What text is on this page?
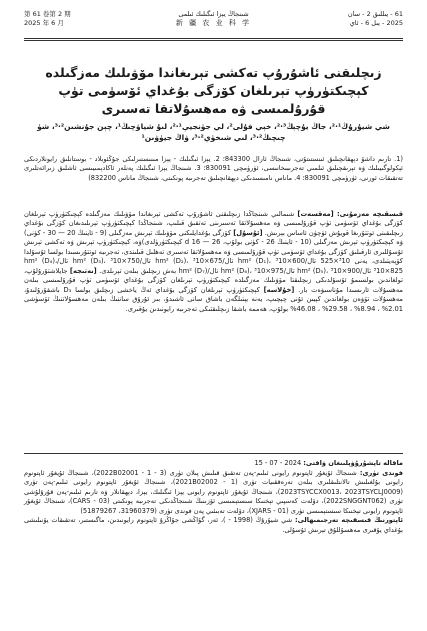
第 61 卷第 2 期
2025 年 6 月
شىنجاڭ يېزا ئىگىلىك ئىلمى
新 疆 农 业 科 学
61 - يىللىق 2 - سان
2025 - يىل 6 - ئاي
زىچلىقنى ئاشۇرۇپ تەكشى تېرىغاندا مۆۋىلىك مەزگىلدە كېچىكتۈرۈپ تېرىلغان كۆزگى بۇغداي ئۆسۈمى تۈپ قۇرۇلمىسى ۋە مەھسۇلاتقا تەسىرى
شي شيۇرۇڭ¹·²، جاڭ يۇچېڭ³·²، خېي فۇلى²، لي جۈنجيې¹·²، لىۇ شياۋچىڭ¹، چېن جۇنشىن²·³، شۈ چىچىڭ²·³، لىي شىخۈي²·³، ۋاڭ جيۈۋىن¹
(1. تارىم داشۆ دېھقانچىلىق ئىنستىتۇتى، شىنجاڭ ئارال 843300؛ 2. يېزا ئىگىلىك - يېزا مىنىستىرلىكى جۇڭئوبلاد - بوستانلىق رايونلاردىكى ئېكولوگىيىلىك ۋە تېرىقچىلىق ئىلمىي تەجرىبىخانىسى، ئۈرۈمچى 830091؛ 3. شىنجاڭ يېزا ئىگىلىك پەنلەر ئاكادېمىيىسى ئاشلىق زىرائەتلىرى تەتقىقات ئورنى، ئۈرۈمچى 830091؛ 4. ماناس نامىسىدىكى دېھقانچىلىق تەجرىبە پونكىتى، شىنجاڭ ماناس 832200)
قىسقىچە مەزمۇنى: [مەقسەت] شىمالىي شىنجاڭدا زىچلىقنى ئاشۇرۇپ تەكشى تېرىغاندا مۆۋىلىك مەزگىلدە كېچىكتۈرۈپ تېرىلغان كۆزگى بۇغداي ئۆسۈمى تۈپ قۇرۇلمىسى ۋە مەھسۇلاتقا تەسىرىنى تەتقىق قىلىپ، شىنجاڭدا كېچىكتۈرۈپ تېرىلىدىغان كۆزگى بۇغداي زىچلىقىنى ئوتتۇرىغا قويۇش ئۈچۈن ئاساس بېرىش. [ئۇسۇل] كۆزگى بۇغدايلىكنى مۆۋىلىك تېرىش مەزگىلى (9 - ئاينىڭ 20 — 30 - كۈنى) ۋە كېچىكتۈرۈپ تېرىش مەزگىلى (10 - ئاينىڭ 26 - كۈنى بولۇپ، d 16 — 26 كېچىكتۈرۈلدى)ۋە، كېچىكتۈرۈپ تېرىش ۋە تەكشى تېرىش ئۇسۇللىرى ئارقىلىق كۆزگى بۇغداي ئۆسۈمى تۈپ قۇرۇلمىسى ۋە مەھسۇلاتقا تەسىرى تەھلىل قىلىندى، تەجرىبە ئوتتۇرىسىدا بولسا ئۇسۇلدا كۆپەيتىلدى، يەنى ³10×525 تال/hm² (D₁)، ³10×600 تال/hm² (D₂)، ³10×675 تال/hm² (D₃)، ³10×750 تال/hm² (D₄)، ³10×825 تال/hm² (D₅)، ³10×900 تال/hm² (D₆)، ³10×975 تال/hm² (D₇) بەش زىچلىق بىلەن تېرىلدى. [نەتىجە] جايلاشتۇرۇلۇپ، تولغاندىن بولسىمۇ ئۇسۇلدىكى زىچلىقتا مۆۋىلىك مەزگىلدە كېچىكتۈرۈپ تېرىلغان كۆزگى بۇغداي ئۆسۈمى تۈپ قۇرۇلمىسى بىلەن مەھسۇلات ئارىسىدا مۇناسىۋەت بار. [خۇلاسە] كېچىكتۈرۈپ تېرىلغان كۆزگى بۇغداي ئەڭ ياخشى زىچلىق بولسا D₃ باشقۇرۇلىدۇ، مەھسۇلات تۆۋەن بولغاندىن كېيىن ئۇنى چېچىپ، يەنە يېتىلگەن باشاق سانى ئاشىدۇ، بىر ئۇرۇق ساننىڭ بىلەن مەھسۇلاتنىڭ ئۆسۈشى 2.01% ، 8.94% ، 29.58% ، 46.08% بولۇپ، ھەممە باشقا زىچلىقتىكى تەجرىبە رايونىدىن يۇقىرى.

ماقالە تاپشۇرۇۋېلىنغان ۋاقتى: 2024 - 07 - 15

فوندى تۈرى: شىنجاڭ ئۇيغۇر ئاپتونوم رايونى ئىلىم-پەن تەتقىق قىلىش پىلان تۈرى (3 - 2022B02001 - 1)، شىنجاڭ ئۇيغۇر ئاپتونوم رايونى بۇلغىلىش تالانتلىقلىرى بىلەن تەرەققىيات تۈرى (2021B02002 - 1)، شىنجاڭ ئۇيغۇر ئاپتونوم رايونى ئىلىم-پەن تۈرى (2023TSYCCX0013، 2023TSYCLJ0009)، شىنجاڭ ئۇيغۇر ئاپتونوم رايونى يېزا ئىگىلىك، يېزا، دېھقانلار ۋە تارىم ئىلىم-پەن قۇرۇلۇشى تۈرى (2022SNGGNT062)، دۆلەت كەسپىي تېخنىكا سىستېمىسى ئۆزىنىڭ شىنجاڭدىكى تەجرىبە پونكىتى (CARS - 03)، شىنجاڭ ئۇيغۇر ئاپتونوم رايونى تېخنىكا سىستېمىسى تۈرى (XJARS - 01)، دۆلەت تەبىئىي پەن فوندى تۈرى (31960379، 51879267)

ئاپتورنىڭ قىسقىچە تەرجىمىھالى: شي شيۇرۇڭ (1998 - )، ئەر، گۇاڭشى جۇاڭزۇ ئاپتونوم رايونىدىن، ماگىستىر، تەتقىقات يۆنىلىشى بۇغداي يۇقىرى مەھسۇللۇق تېرىش ئۇسۇلى.
